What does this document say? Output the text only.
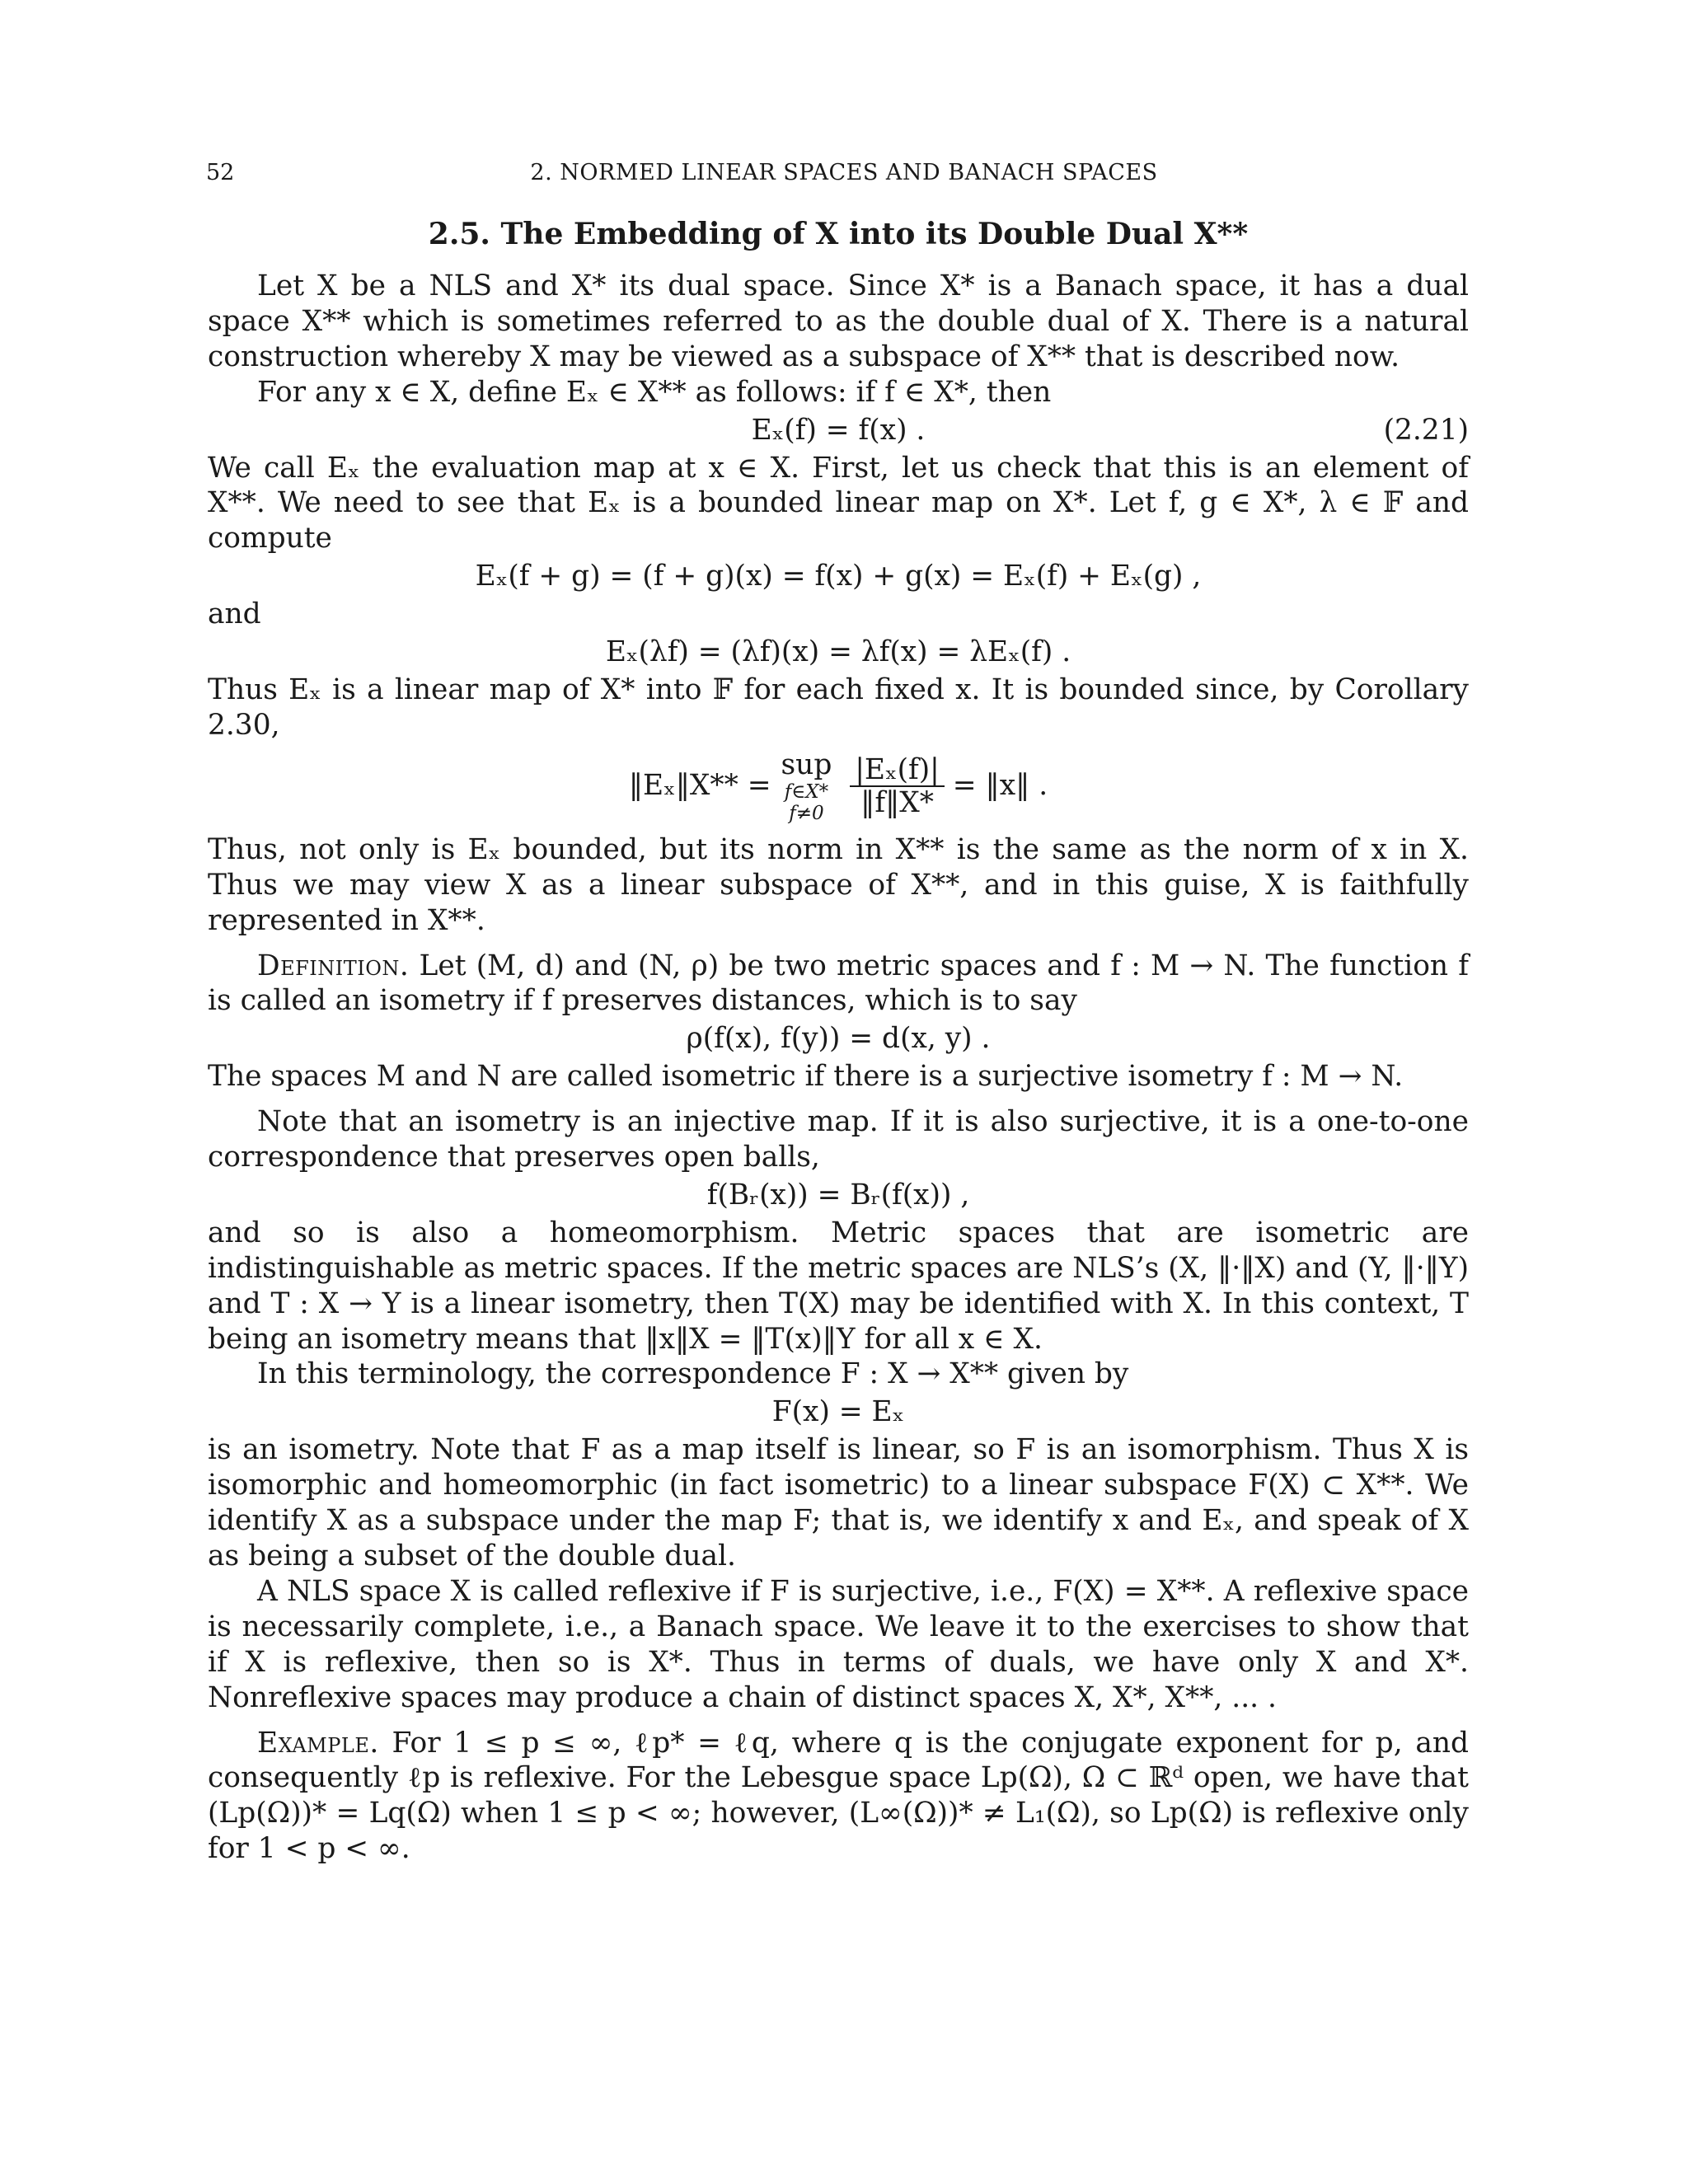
52	2. NORMED LINEAR SPACES AND BANACH SPACES
2.5. The Embedding of X into its Double Dual X**

Let X be a NLS and X* its dual space. Since X* is a Banach space, it has a dual space X** which is sometimes referred to as the double dual of X. There is a natural construction whereby X may be viewed as a subspace of X** that is described now.

For any x ∈ X, define Eₓ ∈ X** as follows: if f ∈ X*, then

Eₓ(f) = f(x) .	(2.21)

We call Eₓ the evaluation map at x ∈ X. First, let us check that this is an element of X**. We need to see that Eₓ is a bounded linear map on X*. Let f, g ∈ X*, λ ∈ 𝔽 and compute

Eₓ(f + g) = (f + g)(x) = f(x) + g(x) = Eₓ(f) + Eₓ(g) ,

and

Eₓ(λf) = (λf)(x) = λf(x) = λEₓ(f) .

Thus Eₓ is a linear map of X* into 𝔽 for each fixed x. It is bounded since, by Corollary 2.30,

‖Eₓ‖X** =
sup
f∈X*
$f\ne 0 \frac{\text{|Eₓ(f)|}}{‖f‖X*}$ = ‖x‖ .

Thus, not only is Eₓ bounded, but its norm in X** is the same as the norm of x in X. Thus we may view X as a linear subspace of X**, and in this guise, X is faithfully represented in X**.

Definition. Let (M, d) and (N, ρ) be two metric spaces and f : M → N. The function f is called an isometry if f preserves distances, which is to say

ρ(f(x), f(y)) = d(x, y) .

The spaces M and N are called isometric if there is a surjective isometry f : M → N.

Note that an isometry is an injective map. If it is also surjective, it is a one-to-one correspondence that preserves open balls,

f(Bᵣ(x)) = Bᵣ(f(x)) ,

and so is also a homeomorphism. Metric spaces that are isometric are indistinguishable as metric spaces. If the metric spaces are NLS’s (X, ‖·‖X) and (Y, ‖·‖Y) and T : X → Y is a linear isometry, then T(X) may be identified with X. In this context, T being an isometry means that ‖x‖X = ‖T(x)‖Y for all x ∈ X.

In this terminology, the correspondence F : X → X** given by

F(x) = Eₓ

is an isometry. Note that F as a map itself is linear, so F is an isomorphism. Thus X is isomorphic and homeomorphic (in fact isometric) to a linear subspace F(X) ⊂ X**. We identify X as a subspace under the map F; that is, we identify x and Eₓ, and speak of X as being a subset of the double dual.

A NLS space X is called reflexive if F is surjective, i.e., F(X) = X**. A reflexive space is necessarily complete, i.e., a Banach space. We leave it to the exercises to show that if X is reflexive, then so is X*. Thus in terms of duals, we have only X and X*. Nonreflexive spaces may produce a chain of distinct spaces X, X*, X**, ... .

Example. For 1 ≤ p ≤ ∞, ℓp* = ℓq, where q is the conjugate exponent for p, and consequently ℓp is reflexive. For the Lebesgue space Lp(Ω), Ω ⊂ ℝᵈ open, we have that (Lp(Ω))* = Lq(Ω) when 1 ≤ p < ∞; however, (L∞(Ω))* ≠ L₁(Ω), so Lp(Ω) is reflexive only for 1 < p < ∞.
